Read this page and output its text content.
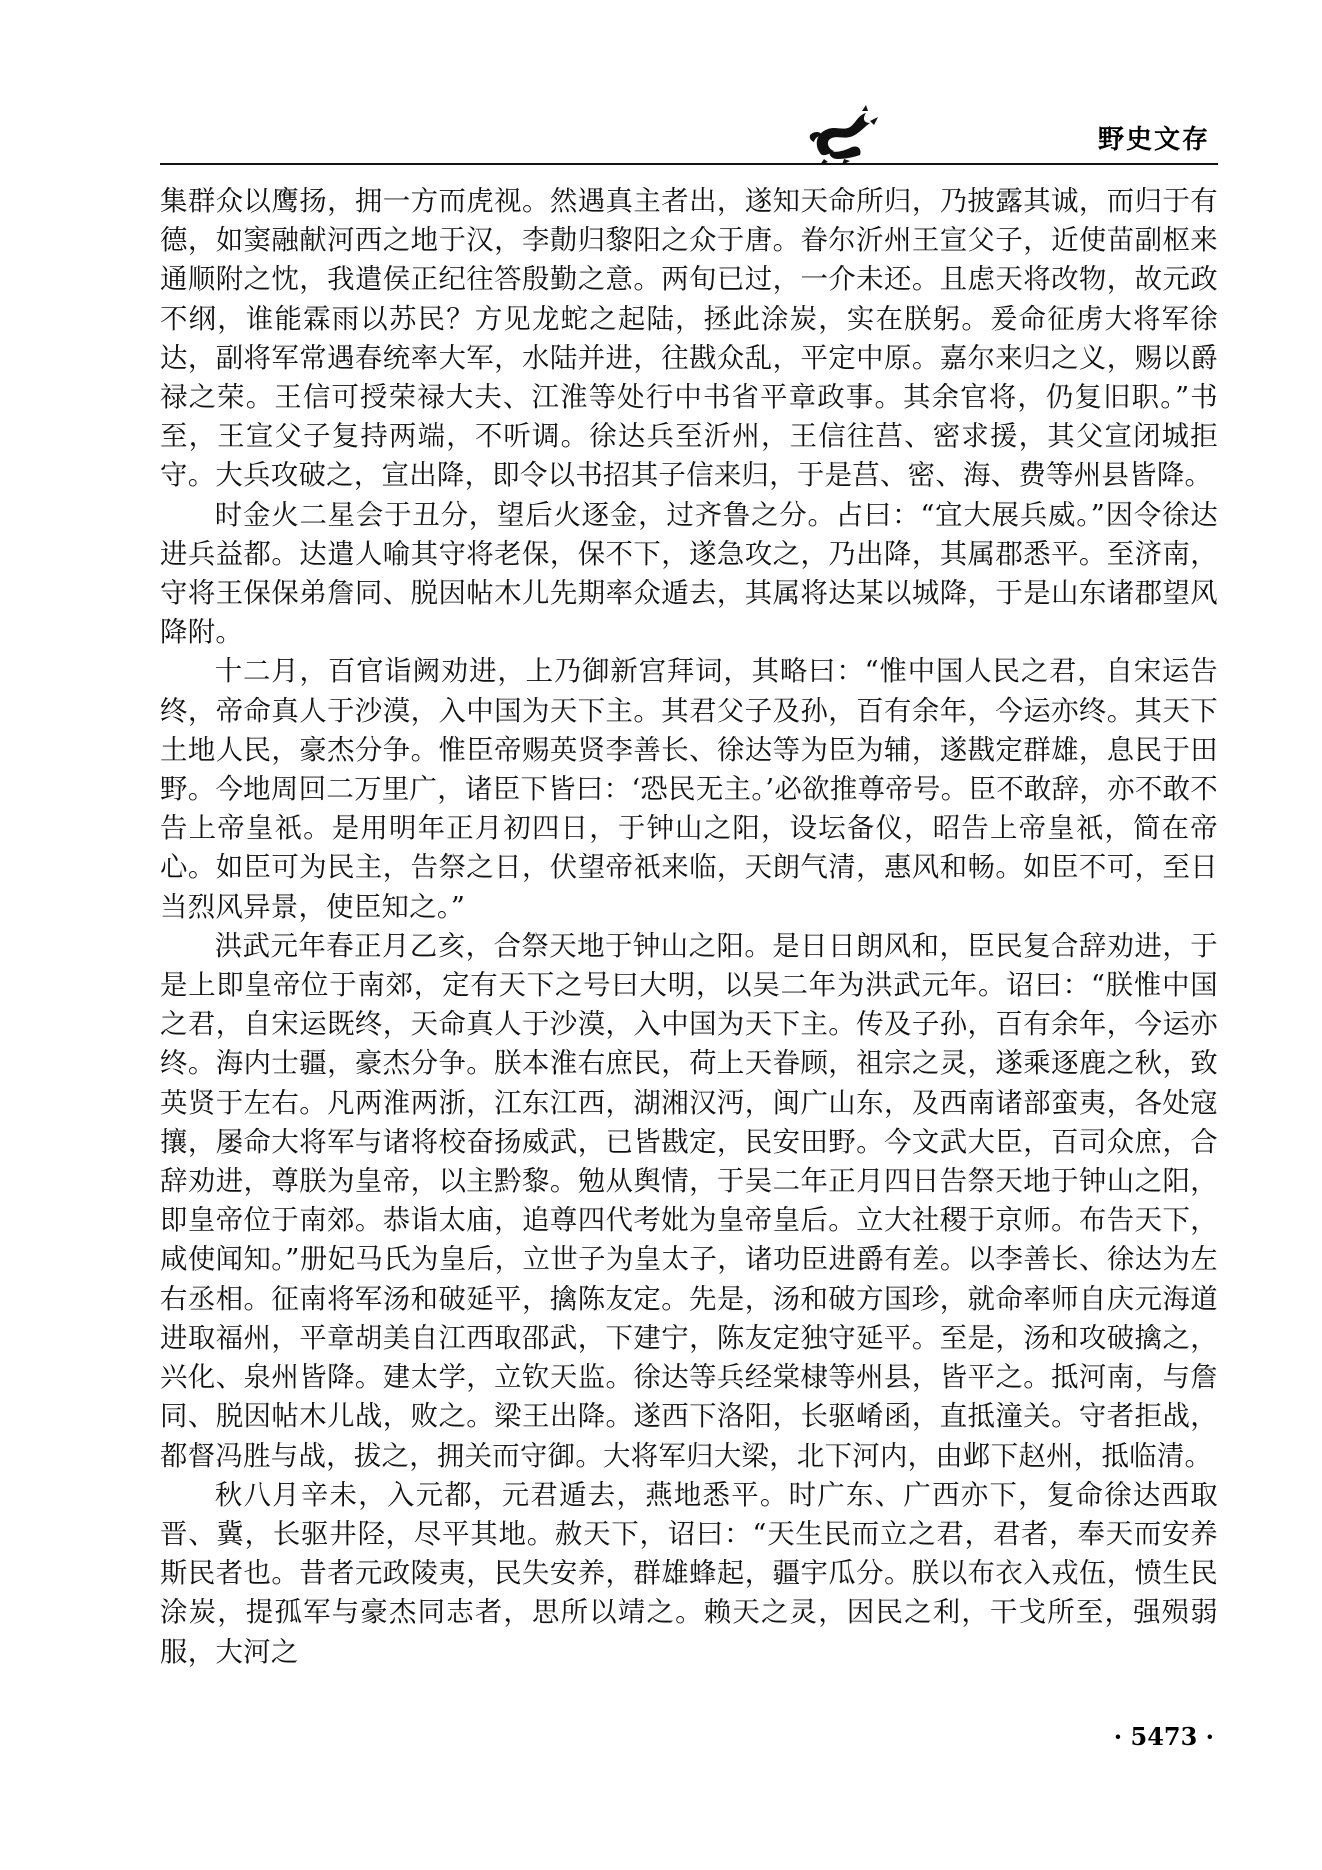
野史文存

集群众以鹰扬，拥一方而虎视。然遇真主者出，遂知天命所归，乃披露其诚，而归于有德，如窦融献河西之地于汉，李勣归黎阳之众于唐。眷尔沂州王宣父子，近使苗副枢来通顺附之忱，我遣侯正纪往答殷勤之意。两旬已过，一介未还。且虑天将改物，故元政不纲，谁能霖雨以苏民？方见龙蛇之起陆，拯此涂炭，实在朕躬。爰命征虏大将军徐达，副将军常遇春统率大军，水陆并进，往戡众乱，平定中原。嘉尔来归之义，赐以爵禄之荣。王信可授荣禄大夫、江淮等处行中书省平章政事。其余官将，仍复旧职。”书至，王宣父子复持两端，不听调。徐达兵至沂州，王信往莒、密求援，其父宣闭城拒守。大兵攻破之，宣出降，即令以书招其子信来归，于是莒、密、海、费等州县皆降。

时金火二星会于丑分，望后火逐金，过齐鲁之分。占曰：“宜大展兵威。”因令徐达进兵益都。达遣人喻其守将老保，保不下，遂急攻之，乃出降，其属郡悉平。至济南，守将王保保弟詹同、脱因帖木儿先期率众遁去，其属将达某以城降，于是山东诸郡望风降附。

十二月，百官诣阙劝进，上乃御新宫拜词，其略曰：“惟中国人民之君，自宋运告终，帝命真人于沙漠，入中国为天下主。其君父子及孙，百有余年，今运亦终。其天下土地人民，豪杰分争。惟臣帝赐英贤李善长、徐达等为臣为辅，遂戡定群雄，息民于田野。今地周回二万里广，诸臣下皆曰：‘恐民无主。’必欲推尊帝号。臣不敢辞，亦不敢不告上帝皇祇。是用明年正月初四日，于钟山之阳，设坛备仪，昭告上帝皇祇，简在帝心。如臣可为民主，告祭之日，伏望帝祇来临，天朗气清，惠风和畅。如臣不可，至日当烈风异景，使臣知之。”

洪武元年春正月乙亥，合祭天地于钟山之阳。是日日朗风和，臣民复合辞劝进，于是上即皇帝位于南郊，定有天下之号曰大明，以吴二年为洪武元年。诏曰：“朕惟中国之君，自宋运既终，天命真人于沙漠，入中国为天下主。传及子孙，百有余年，今运亦终。海内士疆，豪杰分争。朕本淮右庶民，荷上天眷顾，祖宗之灵，遂乘逐鹿之秋，致英贤于左右。凡两淮两浙，江东江西，湖湘汉沔，闽广山东，及西南诸部蛮夷，各处寇攘，屡命大将军与诸将校奋扬威武，已皆戡定，民安田野。今文武大臣，百司众庶，合辞劝进，尊朕为皇帝，以主黔黎。勉从舆情，于吴二年正月四日告祭天地于钟山之阳，即皇帝位于南郊。恭诣太庙，追尊四代考妣为皇帝皇后。立大社稷于京师。布告天下，咸使闻知。”册妃马氏为皇后，立世子为皇太子，诸功臣进爵有差。以李善长、徐达为左右丞相。征南将军汤和破延平，擒陈友定。先是，汤和破方国珍，就命率师自庆元海道进取福州，平章胡美自江西取邵武，下建宁，陈友定独守延平。至是，汤和攻破擒之，兴化、泉州皆降。建太学，立钦天监。徐达等兵经棠棣等州县，皆平之。抵河南，与詹同、脱因帖木儿战，败之。梁王出降。遂西下洛阳，长驱崤函，直抵潼关。守者拒战，都督冯胜与战，拔之，拥关而守御。大将军归大梁，北下河内，由邺下赵州，抵临清。

秋八月辛未，入元都，元君遁去，燕地悉平。时广东、广西亦下，复命徐达西取晋、冀，长驱井陉，尽平其地。赦天下，诏曰：“天生民而立之君，君者，奉天而安养斯民者也。昔者元政陵夷，民失安养，群雄蜂起，疆宇瓜分。朕以布衣入戎伍，愤生民涂炭，提孤军与豪杰同志者，思所以靖之。赖天之灵，因民之利，干戈所至，强殒弱服，大河之

· 5473 ·
